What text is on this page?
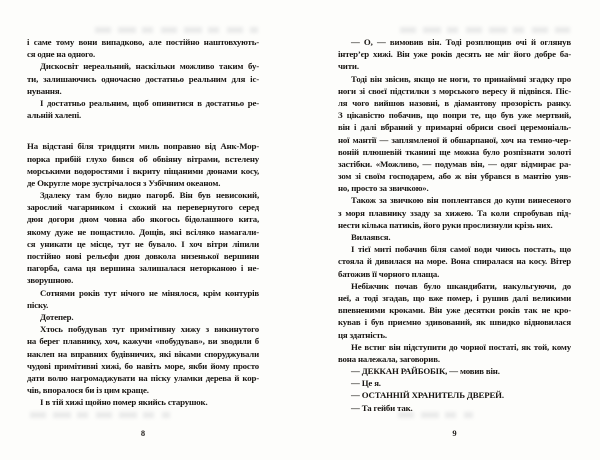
і саме тому вони випадково, але постійно наштовхують-
ся одне на одного.
Дискосвіт нереальний, наскільки можливо таким бу-
ти, залишаючись одночасно достатньо реальним для іс-
нування.
І достатньо реальним, щоб опинитися в достатньо ре-
альній халепі.
На відстані біля тридцяти миль поправно від Анк-Мор-
порка прибій глухо бився об обвіяну вітрами, встелену
морськими водоростями і вкриту піщаними дюнами косу,
де Округле море зустрічалося з Узбічним океаном.
Здалеку там було видно пагорб. Він був невисокий,
зарослий чагарником і схожий на перевернутого серед
дюн догори дном човна або якогось бідолашного кита,
якому дуже не пощастило. Дощів, які всіляко намагали-
ся уникати це місце, тут не бувало. І хоч вітри ліпили
постійно нові рельєфи дюн довкола низенької вершини
пагорба, сама ця вершина залишалася неторканою і не-
зворушною.
Сотнями років тут нічого не мінялося, крім контурів
піску.
Дотепер.
Хтось побудував тут примітивну хижу з викинутого
на берег плавнику, хоч, кажучи «побудував», ви зводили б
наклеп на вправних будівничих, які віками споруджували
чудові примітивні хижі, бо навіть море, якби йому просто
дати волю нагромаджувати на піску уламки дерева й кор-
чів, впоралося би із цим краще.
І в тій хижі щойно помер якийсь старушок.
— О, — вимовив він. Тоді розплющив очі й оглянув
інтер’єр хижі. Він уже років десять не міг його добре ба-
чити.
Тоді він звісив, якщо не ноги, то принаймні згадку про
ноги зі своєї підстилки з морського вересу й підвівся. Піс-
ля чого вийшов назовні, в діамантову прозорість ранку.
З цікавістю побачив, що попри те, що був уже мертвий,
він і далі вбраний у примарні обриси своєї церемоніаль-
ної мантії — заплямленої й обшарпаної, хоч на темно-чер-
воній плюшевій тканині ще можна було розпізнати золоті
застібки. «Можливо, — подумав він, — одяг відмирає ра-
зом зі своїм господарем, або ж він убрався в мантію уяв-
но, просто за звичкою».
Також за звичкою він поплентався до купи винесеного
з моря плавнику ззаду за хижею. Та коли спробував під-
нести кілька патиків, його руки прослизнули крізь них.
Вилаявся.
І тієї миті побачив біля самої води чиюсь постать, що
стояла й дивилася на море. Вона спиралася на косу. Вітер
батожив її чорного плаща.
Небіжчик почав було шкандибати, накульгуючи, до
неї, а тоді згадав, що вже помер, і рушив далі великими
впевненими кроками. Він уже десятки років так не кро-
кував і був приємно здивований, як швидко відновилася
ця здатність.
Не встиг він підступити до чорної постаті, як той, кому
вона належала, заговорив.
— ДЕККАН РАЙБОБІК, — мовив він.
— Це я.
— ОСТАННІЙ ХРАНИТЕЛЬ ДВЕРЕЙ.
— Та гейби так.
8	9
